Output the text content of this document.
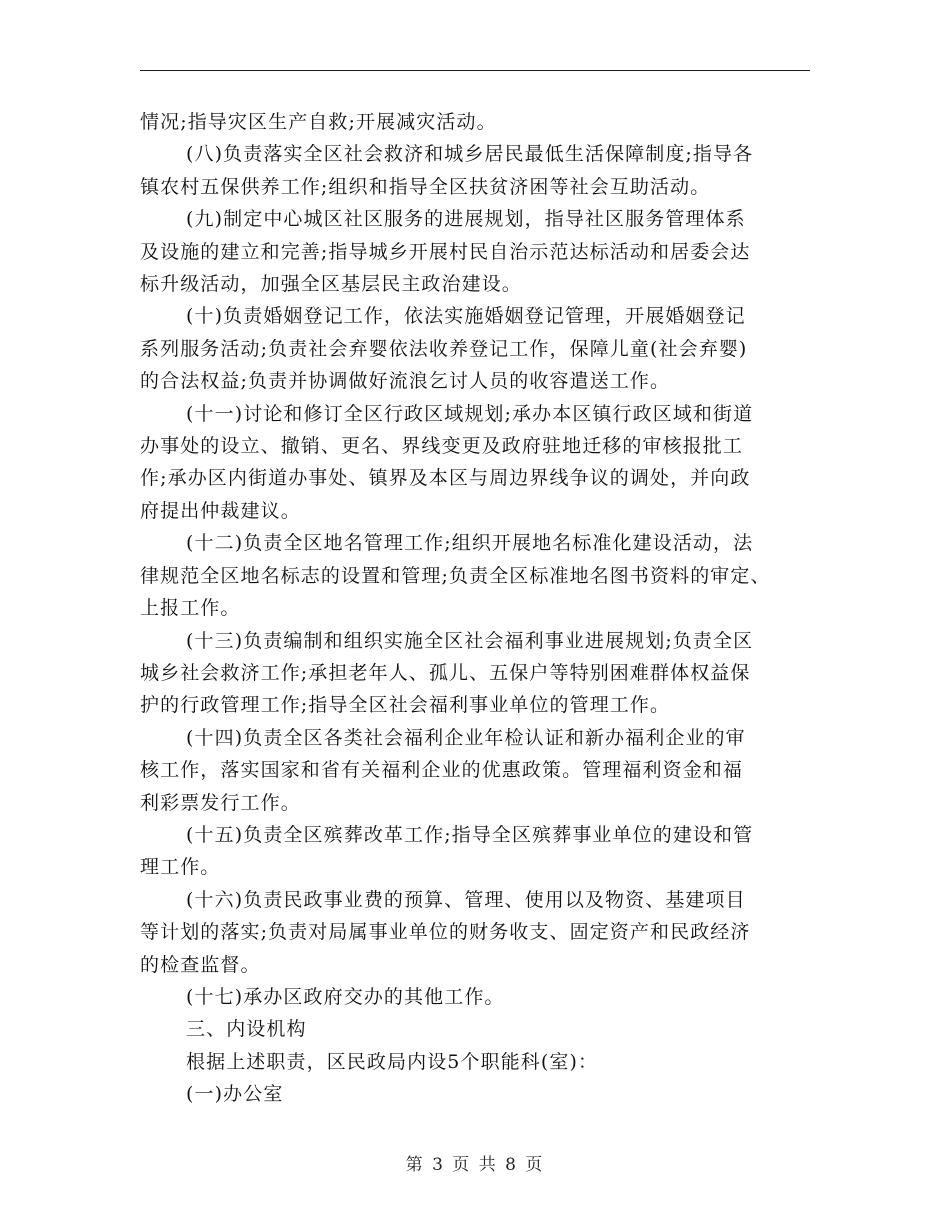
情况;指导灾区生产自救;开展减灾活动。

(八)负责落实全区社会救济和城乡居民最低生活保障制度;指导各
镇农村五保供养工作;组织和指导全区扶贫济困等社会互助活动。

(九)制定中心城区社区服务的进展规划，指导社区服务管理体系
及设施的建立和完善;指导城乡开展村民自治示范达标活动和居委会达
标升级活动，加强全区基层民主政治建设。

(十)负责婚姻登记工作，依法实施婚姻登记管理，开展婚姻登记
系列服务活动;负责社会弃婴依法收养登记工作，保障儿童(社会弃婴)
的合法权益;负责并协调做好流浪乞讨人员的收容遣送工作。

(十一)讨论和修订全区行政区域规划;承办本区镇行政区域和街道
办事处的设立、撤销、更名、界线变更及政府驻地迁移的审核报批工
作;承办区内街道办事处、镇界及本区与周边界线争议的调处，并向政
府提出仲裁建议。

(十二)负责全区地名管理工作;组织开展地名标准化建设活动，法
律规范全区地名标志的设置和管理;负责全区标准地名图书资料的审定、
上报工作。

(十三)负责编制和组织实施全区社会福利事业进展规划;负责全区
城乡社会救济工作;承担老年人、孤儿、五保户等特别困难群体权益保
护的行政管理工作;指导全区社会福利事业单位的管理工作。

(十四)负责全区各类社会福利企业年检认证和新办福利企业的审
核工作，落实国家和省有关福利企业的优惠政策。管理福利资金和福
利彩票发行工作。

(十五)负责全区殡葬改革工作;指导全区殡葬事业单位的建设和管
理工作。

(十六)负责民政事业费的预算、管理、使用以及物资、基建项目
等计划的落实;负责对局属事业单位的财务收支、固定资产和民政经济
的检查监督。

(十七)承办区政府交办的其他工作。

三、内设机构

根据上述职责，区民政局内设5个职能科(室)：

(一)办公室

第 3 页 共 8 页
